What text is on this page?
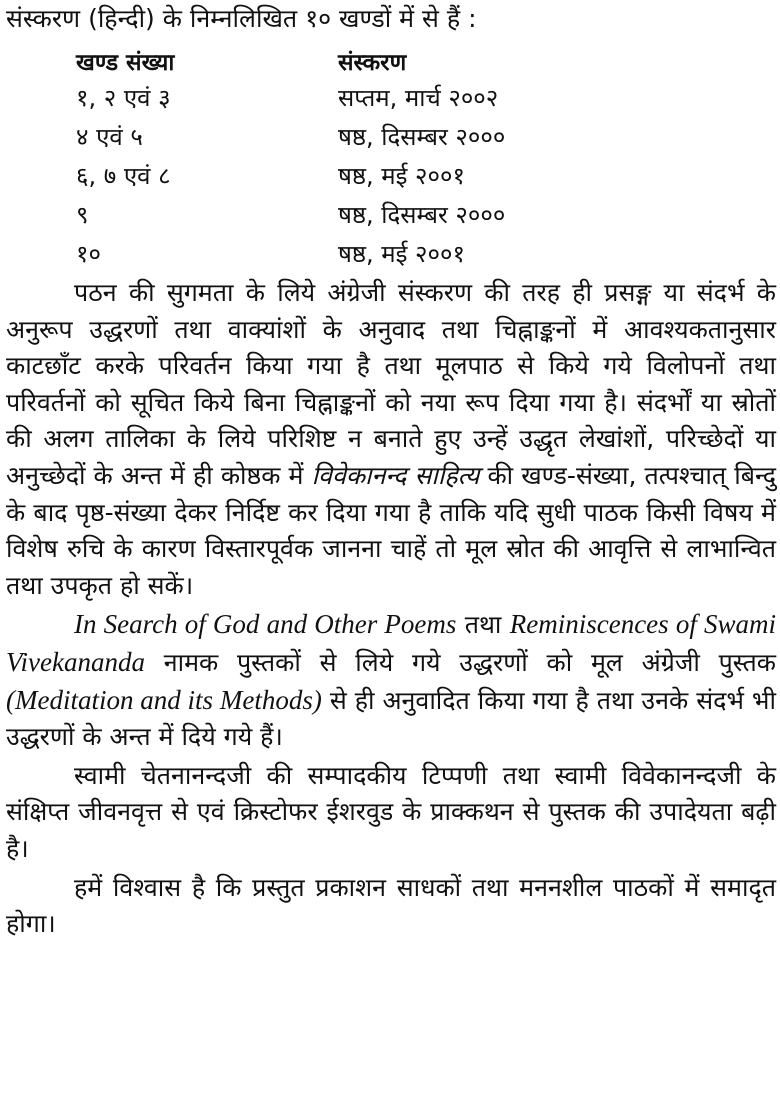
संस्करण (हिन्दी) के निम्नलिखित १० खण्डों में से हैं :
खण्ड संख्या	संस्करण
१, २ एवं ३	सप्तम, मार्च २००२
४ एवं ५	षष्ठ, दिसम्बर २०००
६, ७ एवं ८	षष्ठ, मई २००१
९	षष्ठ, दिसम्बर २०००
१०	षष्ठ, मई २००१

पठन की सुगमता के लिये अंग्रेजी संस्करण की तरह ही प्रसङ्ग या संदर्भ के अनुरूप उद्धरणों तथा वाक्यांशों के अनुवाद तथा चिह्नाङ्कनों में आवश्यकतानुसार काटछाँट करके परिवर्तन किया गया है तथा मूलपाठ से किये गये विलोपनों तथा परिवर्तनों को सूचित किये बिना चिह्नाङ्कनों को नया रूप दिया गया है। संदर्भों या स्रोतों की अलग तालिका के लिये परिशिष्ट न बनाते हुए उन्हें उद्धृत लेखांशों, परिच्छेदों या अनुच्छेदों के अन्त में ही कोष्ठक में विवेकानन्द साहित्य की खण्ड-संख्या, तत्पश्चात् बिन्दु के बाद पृष्ठ-संख्या देकर निर्दिष्ट कर दिया गया है ताकि यदि सुधी पाठक किसी विषय में विशेष रुचि के कारण विस्तारपूर्वक जानना चाहें तो मूल स्रोत की आवृत्ति से लाभान्वित तथा उपकृत हो सकें।

In Search of God and Other Poems तथा Reminiscences of Swami Vivekananda नामक पुस्तकों से लिये गये उद्धरणों को मूल अंग्रेजी पुस्तक (Meditation and its Methods) से ही अनुवादित किया गया है तथा उनके संदर्भ भी उद्धरणों के अन्त में दिये गये हैं।

स्वामी चेतनानन्दजी की सम्पादकीय टिप्पणी तथा स्वामी विवेकानन्दजी के संक्षिप्त जीवनवृत्त से एवं क्रिस्टोफर ईशरवुड के प्राक्कथन से पुस्तक की उपादेयता बढ़ी है।

हमें विश्वास है कि प्रस्तुत प्रकाशन साधकों तथा मननशील पाठकों में समादृत होगा।
